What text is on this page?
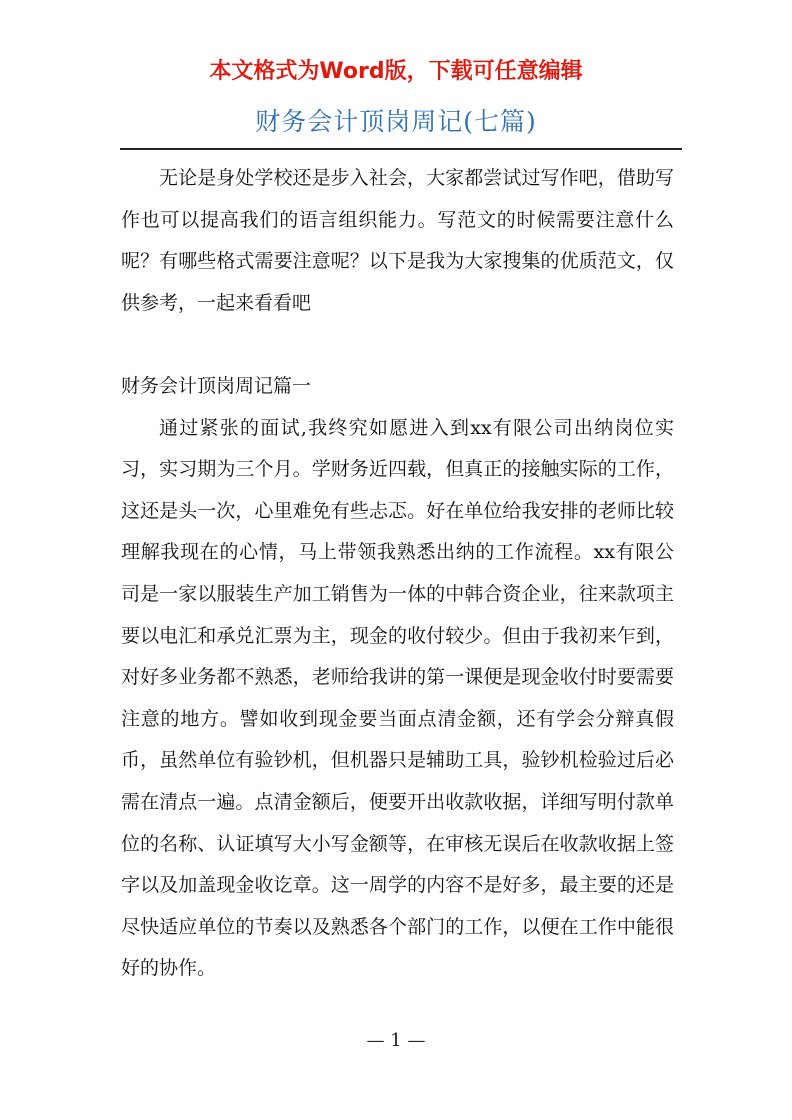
本文格式为Word版，下载可任意编辑
财务会计顶岗周记(七篇)

无论是身处学校还是步入社会，大家都尝试过写作吧，借助写作也可以提高我们的语言组织能力。写范文的时候需要注意什么呢？有哪些格式需要注意呢？以下是我为大家搜集的优质范文，仅供参考，一起来看看吧

财务会计顶岗周记篇一

通过紧张的面试,我终究如愿进入到xx有限公司出纳岗位实习，实习期为三个月。学财务近四载，但真正的接触实际的工作，这还是头一次，心里难免有些忐忑。好在单位给我安排的老师比较理解我现在的心情，马上带领我熟悉出纳的工作流程。xx有限公司是一家以服装生产加工销售为一体的中韩合资企业，往来款项主要以电汇和承兑汇票为主，现金的收付较少。但由于我初来乍到，对好多业务都不熟悉，老师给我讲的第一课便是现金收付时要需要注意的地方。譬如收到现金要当面点清金额，还有学会分辩真假币，虽然单位有验钞机，但机器只是辅助工具，验钞机检验过后必需在清点一遍。点清金额后，便要开出收款收据，详细写明付款单位的名称、认证填写大小写金额等，在审核无误后在收款收据上签字以及加盖现金收讫章。这一周学的内容不是好多，最主要的还是尽快适应单位的节奏以及熟悉各个部门的工作，以便在工作中能很好的协作。

— 1 —
